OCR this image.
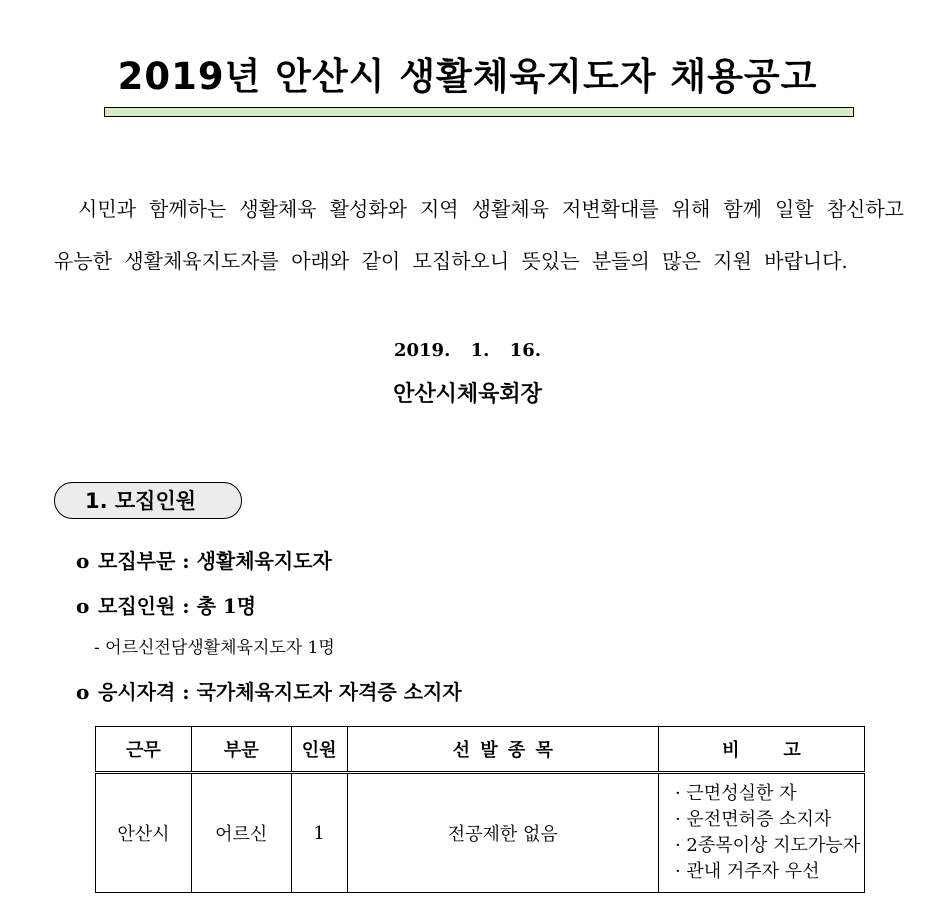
2019년 안산시 생활체육지도자 채용공고

시민과 함께하는 생활체육 활성화와 지역 생활체육 저변확대를 위해 함께 일할 참신하고 유능한 생활체육지도자를 아래와 같이 모집하오니 뜻있는 분들의 많은 지원 바랍니다.

2019. 1. 16.
안산시체육회장
1. 모집인원
o 모집부문 : 생활체육지도자
o 모집인원 : 총 1명
- 어르신전담생활체육지도자 1명
o 응시자격 : 국가체육지도자 자격증 소지자
근무	부문	인원	선 발 종 목	비       고
안산시	어르신	1	전공제한 없음	· 근면성실한 자
· 운전면허증 소지자
· 2종목이상 지도가능자
· 관내 거주자 우선
